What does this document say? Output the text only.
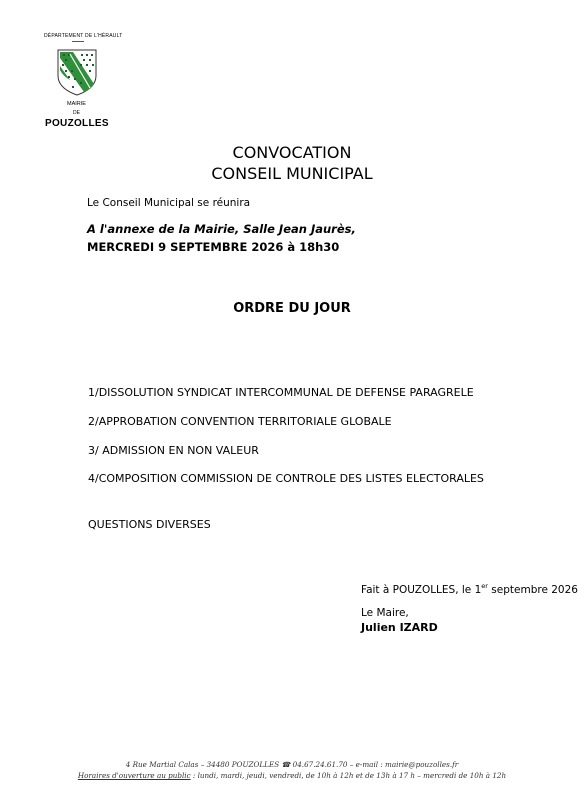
DÉPARTEMENT DE L'HÉRAULT
MAIRIE
DE
POUZOLLES
CONVOCATION
CONSEIL MUNICIPAL
Le Conseil Municipal se réunira
A l'annexe de la Mairie, Salle Jean Jaurès,
MERCREDI 9 SEPTEMBRE 2026 à 18h30
ORDRE DU JOUR
1/DISSOLUTION SYNDICAT INTERCOMMUNAL DE DEFENSE PARAGRELE
2/APPROBATION CONVENTION TERRITORIALE GLOBALE
3/ ADMISSION EN NON VALEUR
4/COMPOSITION COMMISSION DE CONTROLE DES LISTES ELECTORALES
QUESTIONS DIVERSES
Fait à POUZOLLES, le 1er septembre 2026
Le Maire,
Julien IZARD
4 Rue Martial Calas – 34480 POUZOLLES ☎ 04.67.24.61.70 – e-mail : mairie@pouzolles.fr
Horaires d'ouverture au public : lundi, mardi, jeudi, vendredi, de 10h à 12h et de 13h à 17 h – mercredi de 10h à 12h
